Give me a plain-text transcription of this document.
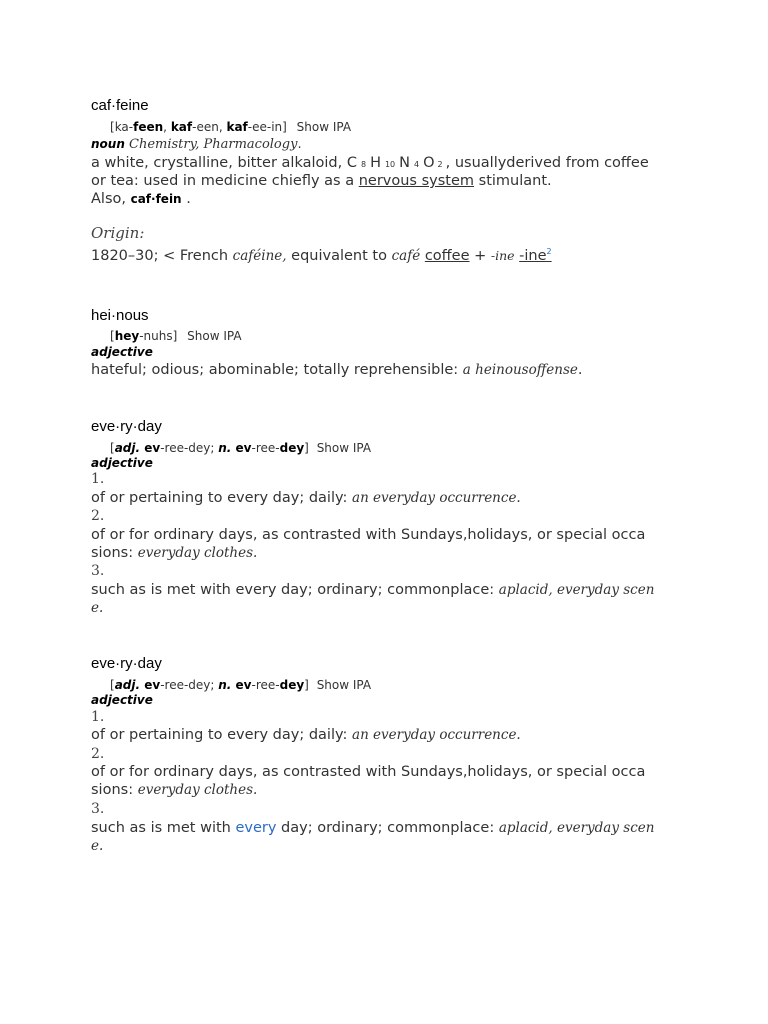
caf·feine
[ka-feen, kaf-een, kaf-ee-in] Show IPA
noun Chemistry, Pharmacology.
a white, crystalline, bitter alkaloid, C 8 H 10 N 4 O 2 , usuallyderived from coffee
or tea: used in medicine chiefly as a nervous system stimulant.
Also, caf·fein .
Origin:
1820–30; < French caféine, equivalent to café coffee + -ine -ine$^2$
hei·nous
[hey-nuhs] Show IPA
adjective
hateful; odious; abominable; totally reprehensible: a heinousoffense.
eve·ry·day
[adj. ev-ree-dey; n. ev-ree-dey] Show IPA
adjective
1.
of or pertaining to every day; daily: an everyday occurrence.
2.
of or for ordinary days, as contrasted with Sundays,holidays, or special occa
sions: everyday clothes.
3.
such as is met with every day; ordinary; commonplace: aplacid, everyday scen
e.
eve·ry·day
[adj. ev-ree-dey; n. ev-ree-dey] Show IPA
adjective
1.
of or pertaining to every day; daily: an everyday occurrence.
2.
of or for ordinary days, as contrasted with Sundays,holidays, or special occa
sions: everyday clothes.
3.
such as is met with every day; ordinary; commonplace: aplacid, everyday scen
e.
